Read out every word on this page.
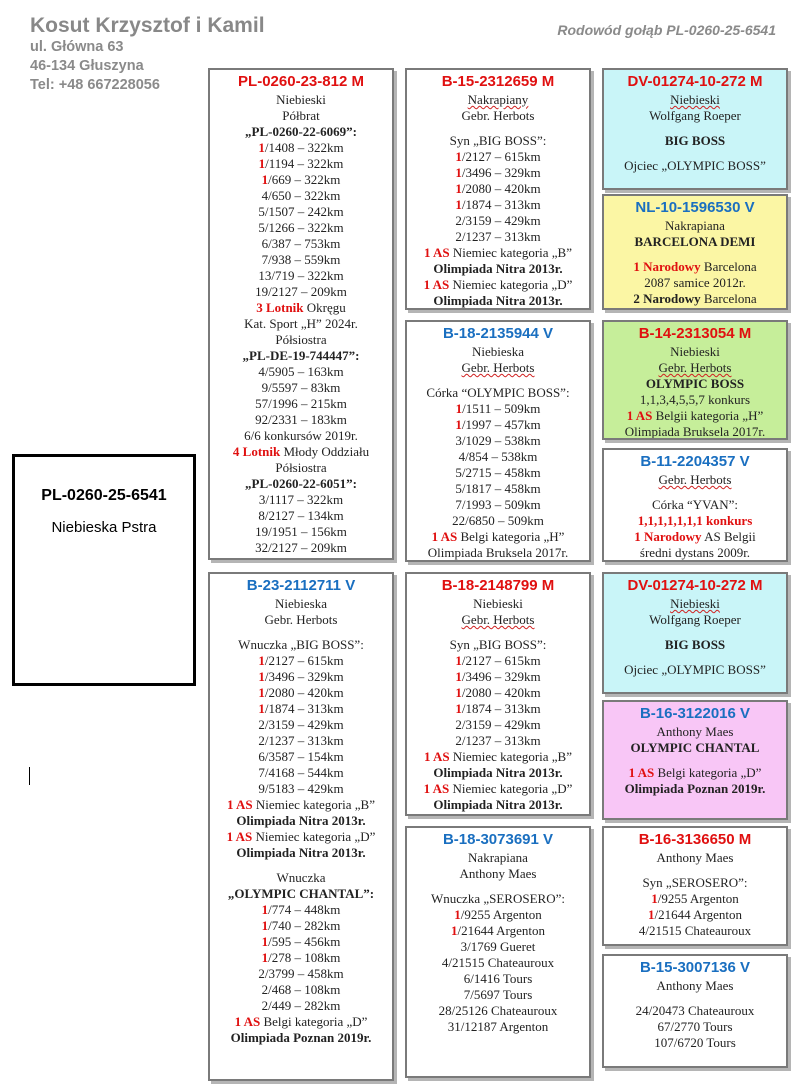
Kosut Krzysztof i Kamil
ul. Główna 63
46-134 Głuszyna
Tel: +48 667228056
Rodowód gołąb PL-0260-25-6541
PL-0260-25-6541
Niebieska Pstra
PL-0260-23-812 M
Niebieski
Półbrat
„PL-0260-22-6069”:
1/1408 – 322km
1/1194 – 322km
1/669 – 322km
4/650 – 322km
5/1507 – 242km
5/1266 – 322km
6/387 – 753km
7/938 – 559km
13/719 – 322km
19/2127 – 209km
3 Lotnik Okręgu
Kat. Sport „H” 2024r.
Półsiostra
„PL-DE-19-744447”:
4/5905 – 163km
9/5597 – 83km
57/1996 – 215km
92/2331 – 183km
6/6 konkursów 2019r.
4 Lotnik Młody Oddziału
Półsiostra
„PL-0260-22-6051”:
3/1117 – 322km
8/2127 – 134km
19/1951 – 156km
32/2127 – 209km
B-23-2112711 V
Niebieska
Gebr. Herbots
Wnuczka „BIG BOSS”:
1/2127 – 615km
1/3496 – 329km
1/2080 – 420km
1/1874 – 313km
2/3159 – 429km
2/1237 – 313km
6/3587 – 154km
7/4168 – 544km
9/5183 – 429km
1 AS Niemiec kategoria „B”
Olimpiada Nitra 2013r.
1 AS Niemiec kategoria „D”
Olimpiada Nitra 2013r.
Wnuczka
„OLYMPIC CHANTAL”:
1/774 – 448km
1/740 – 282km
1/595 – 456km
1/278 – 108km
2/3799 – 458km
2/468 – 108km
2/449 – 282km
1 AS Belgi kategoria „D”
Olimpiada Poznan 2019r.
B-15-2312659 M
Nakrapiany
Gebr. Herbots
Syn „BIG BOSS”:
1/2127 – 615km
1/3496 – 329km
1/2080 – 420km
1/1874 – 313km
2/3159 – 429km
2/1237 – 313km
1 AS Niemiec kategoria „B”
Olimpiada Nitra 2013r.
1 AS Niemiec kategoria „D”
Olimpiada Nitra 2013r.
B-18-2135944 V
Niebieska
Gebr. Herbots
Córka “OLYMPIC BOSS”:
1/1511 – 509km
1/1997 – 457km
3/1029 – 538km
4/854 – 538km
5/2715 – 458km
5/1817 – 458km
7/1993 – 509km
22/6850 – 509km
1 AS Belgi kategoria „H”
Olimpiada Bruksela 2017r.
B-18-2148799 M
Niebieski
Gebr. Herbots
Syn „BIG BOSS”:
1/2127 – 615km
1/3496 – 329km
1/2080 – 420km
1/1874 – 313km
2/3159 – 429km
2/1237 – 313km
1 AS Niemiec kategoria „B”
Olimpiada Nitra 2013r.
1 AS Niemiec kategoria „D”
Olimpiada Nitra 2013r.
B-18-3073691 V
Nakrapiana
Anthony Maes
Wnuczka „SEROSERO”:
1/9255 Argenton
1/21644 Argenton
3/1769 Gueret
4/21515 Chateauroux
6/1416 Tours
7/5697 Tours
28/25126 Chateauroux
31/12187 Argenton
DV-01274-10-272 M
Niebieski
Wolfgang Roeper
BIG BOSS
Ojciec „OLYMPIC BOSS”
NL-10-1596530 V
Nakrapiana
BARCELONA DEMI
1 Narodowy Barcelona
2087 samice 2012r.
2 Narodowy Barcelona
B-14-2313054 M
Niebieski
Gebr. Herbots
OLYMPIC BOSS
1,1,3,4,5,5,7 konkurs
1 AS Belgii kategoria „H”
Olimpiada Bruksela 2017r.
B-11-2204357 V
Gebr. Herbots
Córka “YVAN”:
1,1,1,1,1,1,1 konkurs
1 Narodowy AS Belgii
średni dystans 2009r.
DV-01274-10-272 M
Niebieski
Wolfgang Roeper
BIG BOSS
Ojciec „OLYMPIC BOSS”
B-16-3122016 V
Anthony Maes
OLYMPIC CHANTAL
1 AS Belgi kategoria „D”
Olimpiada Poznan 2019r.
B-16-3136650 M
Anthony Maes
Syn „SEROSERO”:
1/9255 Argenton
1/21644 Argenton
4/21515 Chateauroux
B-15-3007136 V
Anthony Maes
24/20473 Chateauroux
67/2770 Tours
107/6720 Tours
